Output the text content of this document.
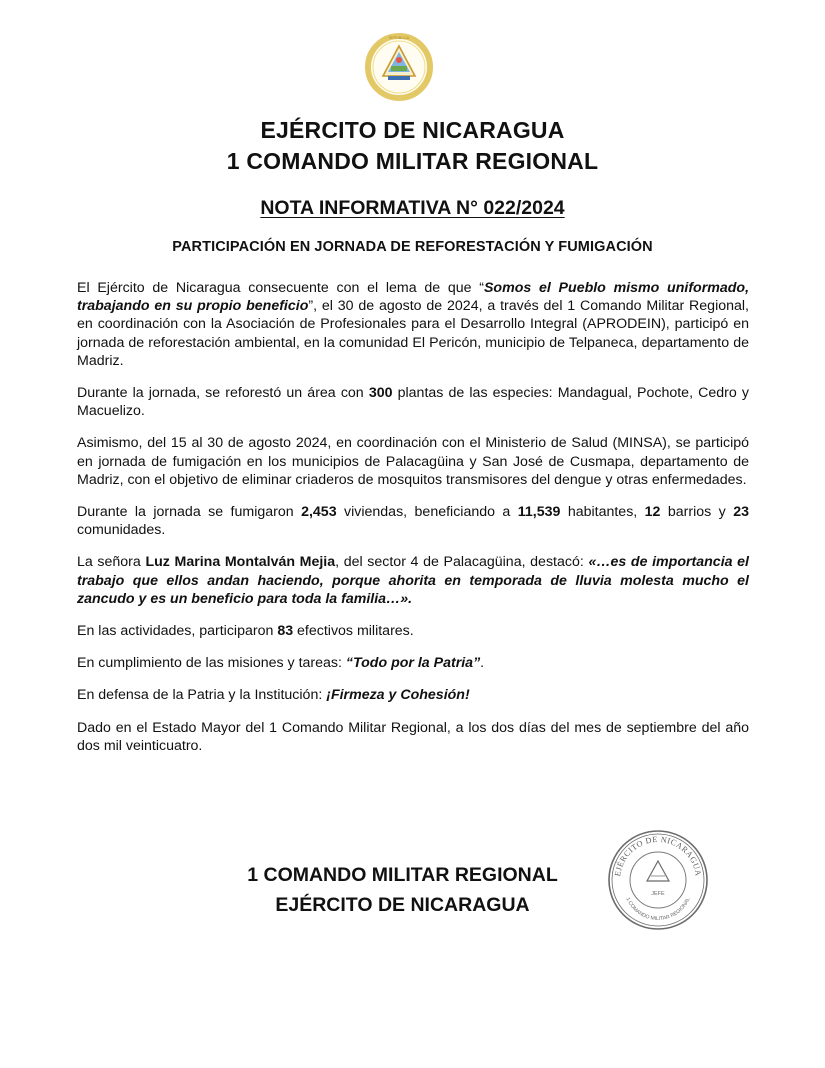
REPÚBLICA
EJÉRCITO DE NICARAGUA
1 COMANDO MILITAR REGIONAL
NOTA INFORMATIVA N° 022/2024
PARTICIPACIÓN EN JORNADA DE REFORESTACIÓN Y FUMIGACIÓN

El Ejército de Nicaragua consecuente con el lema de que “Somos el Pueblo mismo uniformado, trabajando en su propio beneficio”, el 30 de agosto de 2024, a través del 1 Comando Militar Regional, en coordinación con la Asociación de Profesionales para el Desarrollo Integral (APRODEIN), participó en jornada de reforestación ambiental, en la comunidad El Pericón, municipio de Telpaneca, departamento de Madriz.

Durante la jornada, se reforestó un área con 300 plantas de las especies: Mandagual, Pochote, Cedro y Macuelizo.

Asimismo, del 15 al 30 de agosto 2024, en coordinación con el Ministerio de Salud (MINSA), se participó en jornada de fumigación en los municipios de Palacagüina y San José de Cusmapa, departamento de Madriz, con el objetivo de eliminar criaderos de mosquitos transmisores del dengue y otras enfermedades.

Durante la jornada se fumigaron 2,453 viviendas, beneficiando a 11,539 habitantes, 12 barrios y 23 comunidades.

La señora Luz Marina Montalván Mejia, del sector 4 de Palacagüina, destacó: «…es de importancia el trabajo que ellos andan haciendo, porque ahorita en temporada de lluvia molesta mucho el zancudo y es un beneficio para toda la familia…».

En las actividades, participaron 83 efectivos militares.

En cumplimiento de las misiones y tareas: “Todo por la Patria”.

En defensa de la Patria y la Institución: ¡Firmeza y Cohesión!

Dado en el Estado Mayor del 1 Comando Militar Regional, a los dos días del mes de septiembre del año dos mil veinticuatro.

1 COMANDO MILITAR REGIONAL
EJÉRCITO DE NICARAGUA
EJÉRCITO DE NICARAGUA
1 COMANDO MILITAR REGIONAL
JEFE
